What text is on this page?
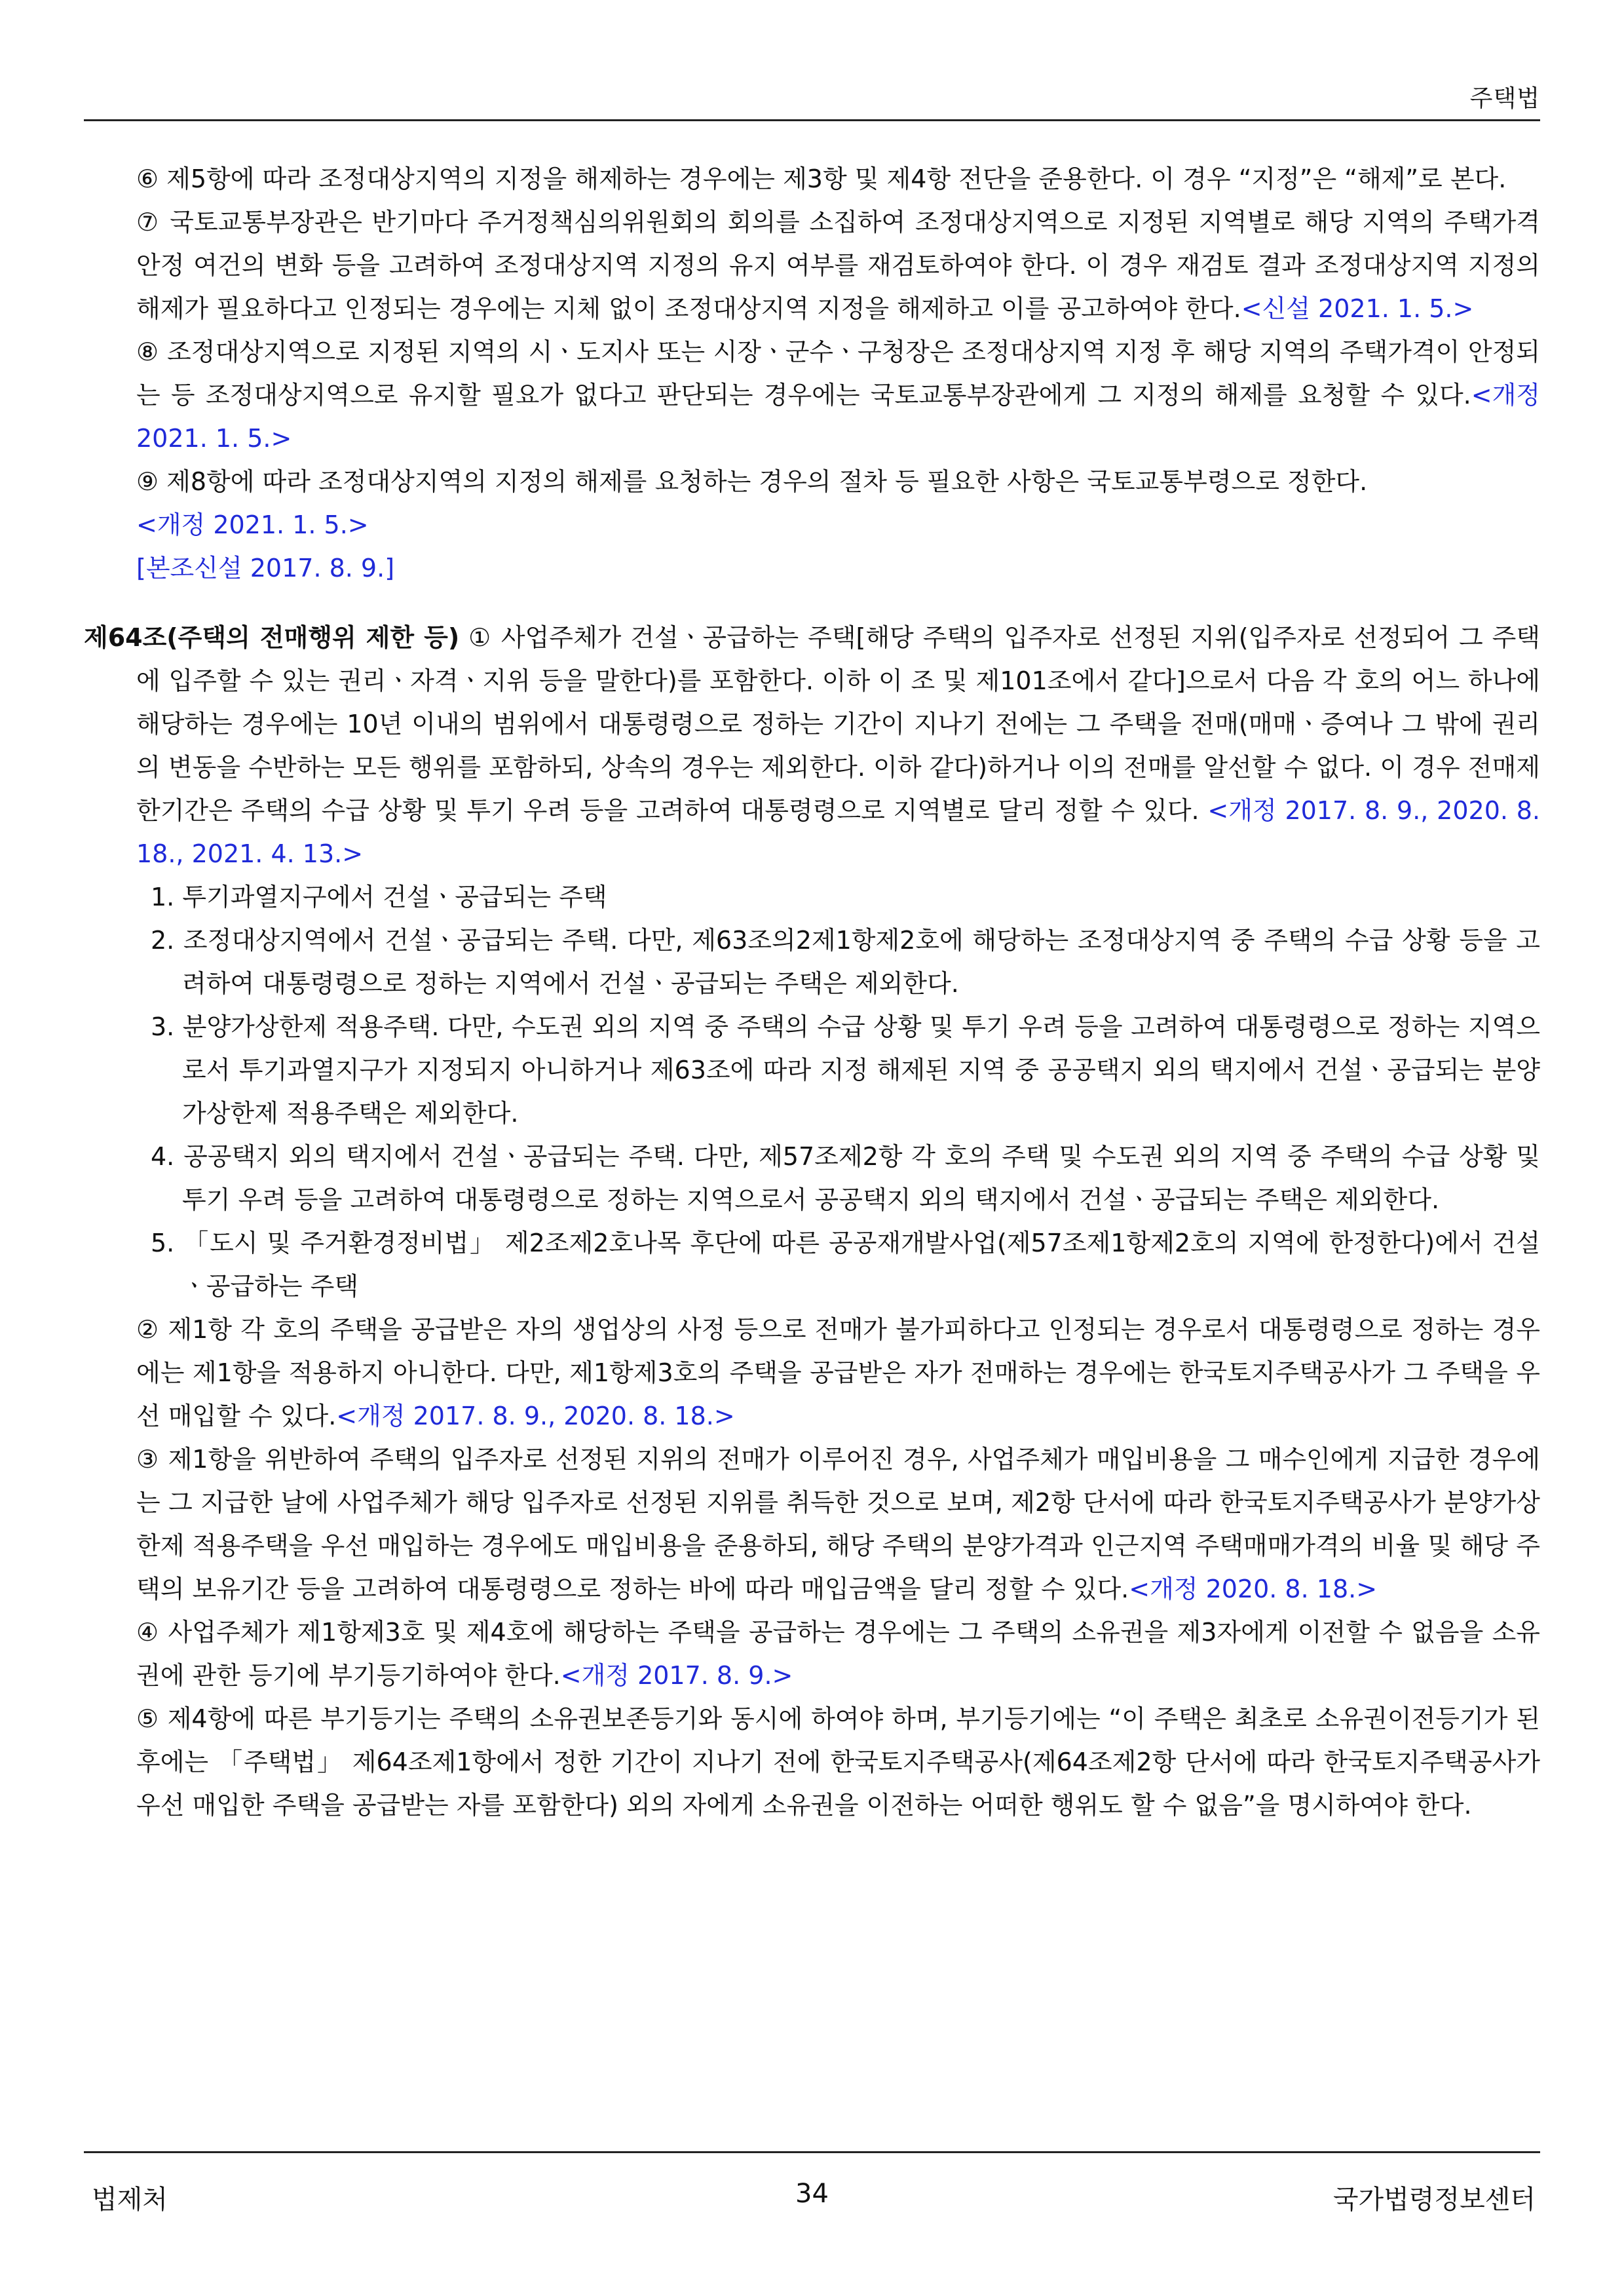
주택법

⑥ 제5항에 따라 조정대상지역의 지정을 해제하는 경우에는 제3항 및 제4항 전단을 준용한다. 이 경우 “지정”은 “해제”로 본다.

⑦ 국토교통부장관은 반기마다 주거정책심의위원회의 회의를 소집하여 조정대상지역으로 지정된 지역별로 해당 지역의 주택가격 안정 여건의 변화 등을 고려하여 조정대상지역 지정의 유지 여부를 재검토하여야 한다. 이 경우 재검토 결과 조정대상지역 지정의 해제가 필요하다고 인정되는 경우에는 지체 없이 조정대상지역 지정을 해제하고 이를 공고하여야 한다.<신설 2021. 1. 5.>

⑧ 조정대상지역으로 지정된 지역의 시ㆍ도지사 또는 시장ㆍ군수ㆍ구청장은 조정대상지역 지정 후 해당 지역의 주택가격이 안정되는 등 조정대상지역으로 유지할 필요가 없다고 판단되는 경우에는 국토교통부장관에게 그 지정의 해제를 요청할 수 있다.<개정 2021. 1. 5.>

⑨ 제8항에 따라 조정대상지역의 지정의 해제를 요청하는 경우의 절차 등 필요한 사항은 국토교통부령으로 정한다.
<개정 2021. 1. 5.>

[본조신설 2017. 8. 9.]

제64조(주택의 전매행위 제한 등) ① 사업주체가 건설ㆍ공급하는 주택[해당 주택의 입주자로 선정된 지위(입주자로 선정되어 그 주택에 입주할 수 있는 권리ㆍ자격ㆍ지위 등을 말한다)를 포함한다. 이하 이 조 및 제101조에서 같다]으로서 다음 각 호의 어느 하나에 해당하는 경우에는 10년 이내의 범위에서 대통령령으로 정하는 기간이 지나기 전에는 그 주택을 전매(매매ㆍ증여나 그 밖에 권리의 변동을 수반하는 모든 행위를 포함하되, 상속의 경우는 제외한다. 이하 같다)하거나 이의 전매를 알선할 수 없다. 이 경우 전매제한기간은 주택의 수급 상황 및 투기 우려 등을 고려하여 대통령령으로 지역별로 달리 정할 수 있다. <개정 2017. 8. 9., 2020. 8. 18., 2021. 4. 13.>

1. 투기과열지구에서 건설ㆍ공급되는 주택

2. 조정대상지역에서 건설ㆍ공급되는 주택. 다만, 제63조의2제1항제2호에 해당하는 조정대상지역 중 주택의 수급 상황 등을 고려하여 대통령령으로 정하는 지역에서 건설ㆍ공급되는 주택은 제외한다.

3. 분양가상한제 적용주택. 다만, 수도권 외의 지역 중 주택의 수급 상황 및 투기 우려 등을 고려하여 대통령령으로 정하는 지역으로서 투기과열지구가 지정되지 아니하거나 제63조에 따라 지정 해제된 지역 중 공공택지 외의 택지에서 건설ㆍ공급되는 분양가상한제 적용주택은 제외한다.

4. 공공택지 외의 택지에서 건설ㆍ공급되는 주택. 다만, 제57조제2항 각 호의 주택 및 수도권 외의 지역 중 주택의 수급 상황 및 투기 우려 등을 고려하여 대통령령으로 정하는 지역으로서 공공택지 외의 택지에서 건설ㆍ공급되는 주택은 제외한다.

5. 「도시 및 주거환경정비법」 제2조제2호나목 후단에 따른 공공재개발사업(제57조제1항제2호의 지역에 한정한다)에서 건설ㆍ공급하는 주택

② 제1항 각 호의 주택을 공급받은 자의 생업상의 사정 등으로 전매가 불가피하다고 인정되는 경우로서 대통령령으로 정하는 경우에는 제1항을 적용하지 아니한다. 다만, 제1항제3호의 주택을 공급받은 자가 전매하는 경우에는 한국토지주택공사가 그 주택을 우선 매입할 수 있다.<개정 2017. 8. 9., 2020. 8. 18.>

③ 제1항을 위반하여 주택의 입주자로 선정된 지위의 전매가 이루어진 경우, 사업주체가 매입비용을 그 매수인에게 지급한 경우에는 그 지급한 날에 사업주체가 해당 입주자로 선정된 지위를 취득한 것으로 보며, 제2항 단서에 따라 한국토지주택공사가 분양가상한제 적용주택을 우선 매입하는 경우에도 매입비용을 준용하되, 해당 주택의 분양가격과 인근지역 주택매매가격의 비율 및 해당 주택의 보유기간 등을 고려하여 대통령령으로 정하는 바에 따라 매입금액을 달리 정할 수 있다.<개정 2020. 8. 18.>

④ 사업주체가 제1항제3호 및 제4호에 해당하는 주택을 공급하는 경우에는 그 주택의 소유권을 제3자에게 이전할 수 없음을 소유권에 관한 등기에 부기등기하여야 한다.<개정 2017. 8. 9.>

⑤ 제4항에 따른 부기등기는 주택의 소유권보존등기와 동시에 하여야 하며, 부기등기에는 “이 주택은 최초로 소유권이전등기가 된 후에는 「주택법」 제64조제1항에서 정한 기간이 지나기 전에 한국토지주택공사(제64조제2항 단서에 따라 한국토지주택공사가 우선 매입한 주택을 공급받는 자를 포함한다) 외의 자에게 소유권을 이전하는 어떠한 행위도 할 수 없음”을 명시하여야 한다.

법제처	34	국가법령정보센터
